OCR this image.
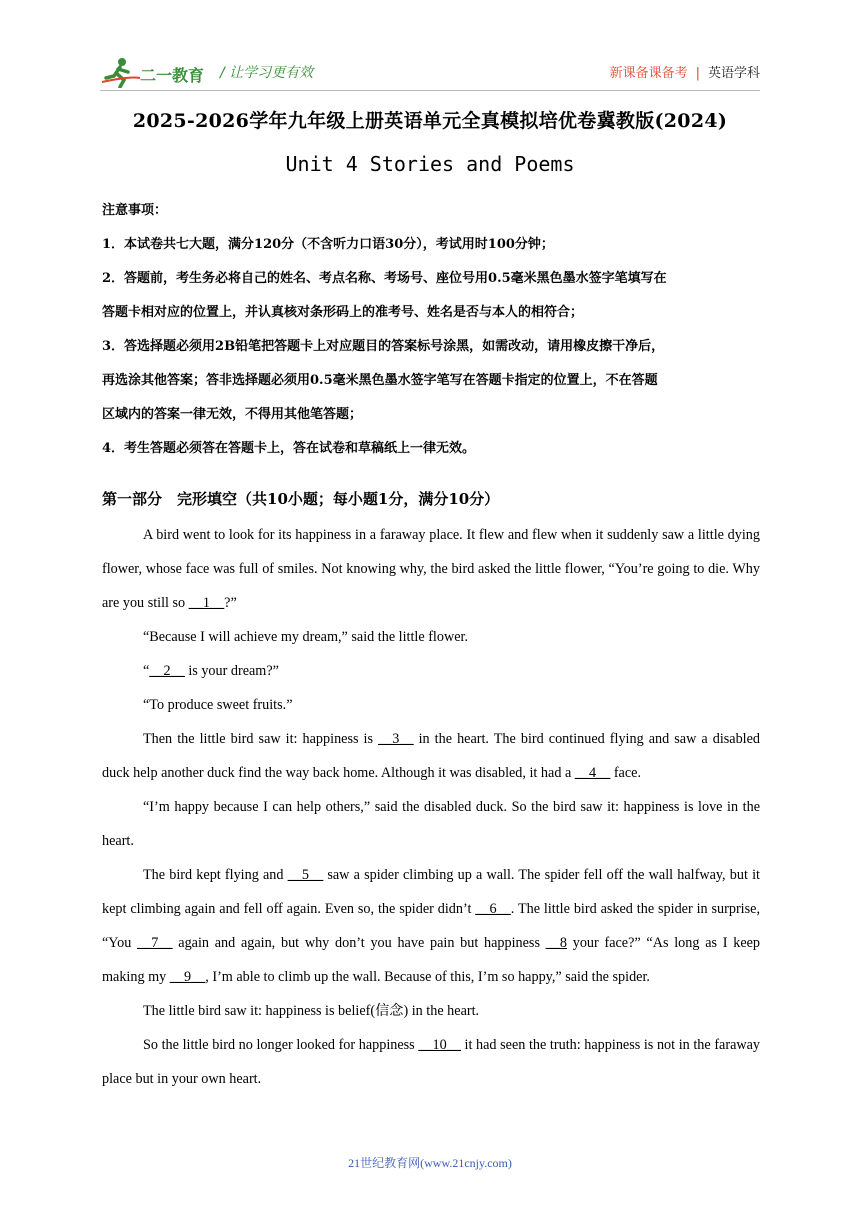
二一教育 / 让学习更有效	新课备课备考 | 英语学科
2025-2026学年九年级上册英语单元全真模拟培优卷冀教版(2024)
Unit 4 Stories and Poems
注意事项：
1．本试卷共七大题，满分120分（不含听力口语30分），考试用时100分钟；
2．答题前，考生务必将自己的姓名、考点名称、考场号、座位号用0.5毫米黑色墨水签字笔填写在
答题卡相对应的位置上，并认真核对条形码上的准考号、姓名是否与本人的相符合；
3．答选择题必须用2B铅笔把答题卡上对应题目的答案标号涂黑，如需改动，请用橡皮擦干净后，
再选涂其他答案；答非选择题必须用0.5毫米黑色墨水签字笔写在答题卡指定的位置上，不在答题
区域内的答案一律无效，不得用其他笔答题；
4．考生答题必须答在答题卡上，答在试卷和草稿纸上一律无效。
第一部分　完形填空（共10小题；每小题1分，满分10分）
A bird went to look for its happiness in a faraway place. It flew and flew when it suddenly saw a little dying flower, whose face was full of smiles. Not knowing why, the bird asked the little flower, “You’re going to die. Why are you still so __1__?”
“Because I will achieve my dream,” said the little flower.
“__2__ is your dream?”
“To produce sweet fruits.”
Then the little bird saw it: happiness is __3__ in the heart. The bird continued flying and saw a disabled duck help another duck find the way back home. Although it was disabled, it had a __4__ face.
“I’m happy because I can help others,” said the disabled duck. So the bird saw it: happiness is love in the heart.
The bird kept flying and __5__ saw a spider climbing up a wall. The spider fell off the wall halfway, but it kept climbing again and fell off again. Even so, the spider didn’t __6__. The little bird asked the spider in surprise, “You __7__ again and again, but why don’t you have pain but happiness __8 your face?” “As long as I keep making my __9__, I’m able to climb up the wall. Because of this, I’m so happy,” said the spider.
The little bird saw it: happiness is belief(信念) in the heart.
So the little bird no longer looked for happiness __10__ it had seen the truth: happiness is not in the faraway place but in your own heart.
21世纪教育网(www.21cnjy.com)
